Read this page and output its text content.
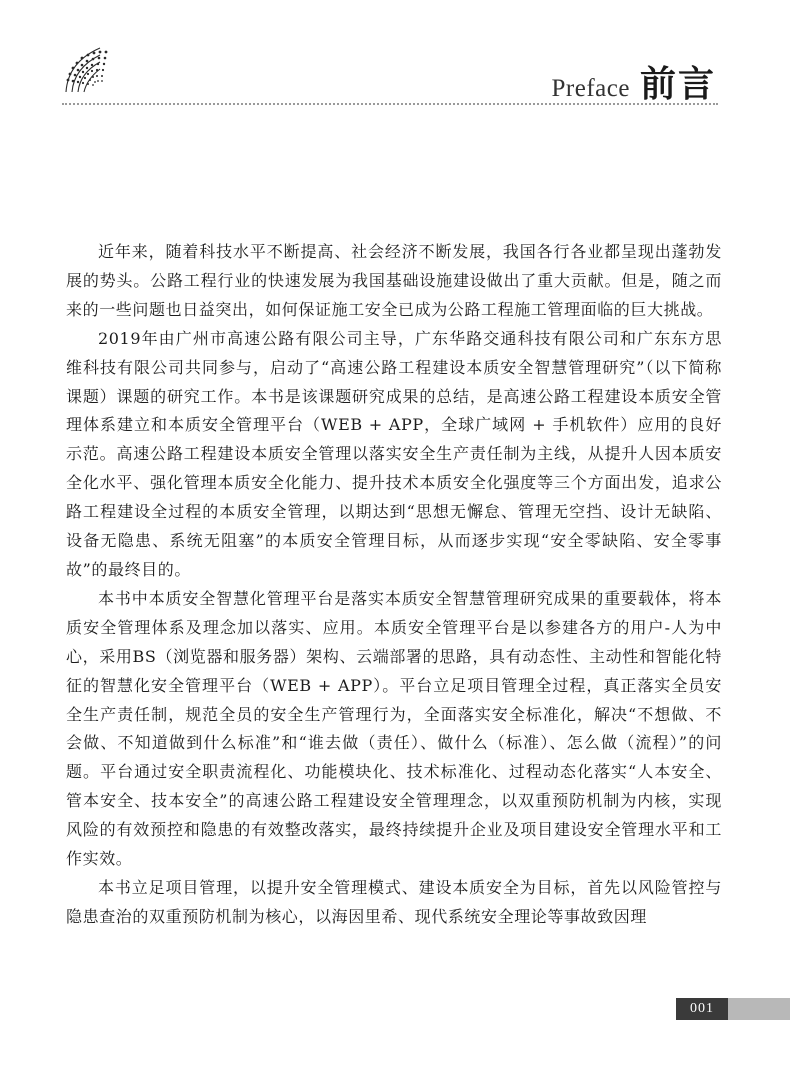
Preface 前言

近年来，随着科技水平不断提高、社会经济不断发展，我国各行各业都呈现出蓬勃发展的势头。公路工程行业的快速发展为我国基础设施建设做出了重大贡献。但是，随之而来的一些问题也日益突出，如何保证施工安全已成为公路工程施工管理面临的巨大挑战。

2019年由广州市高速公路有限公司主导，广东华路交通科技有限公司和广东东方思维科技有限公司共同参与，启动了“高速公路工程建设本质安全智慧管理研究”（以下简称课题）课题的研究工作。本书是该课题研究成果的总结，是高速公路工程建设本质安全管理体系建立和本质安全管理平台（WEB + APP，全球广域网 + 手机软件）应用的良好示范。高速公路工程建设本质安全管理以落实安全生产责任制为主线，从提升人因本质安全化水平、强化管理本质安全化能力、提升技术本质安全化强度等三个方面出发，追求公路工程建设全过程的本质安全管理，以期达到“思想无懈怠、管理无空挡、设计无缺陷、设备无隐患、系统无阻塞”的本质安全管理目标，从而逐步实现“安全零缺陷、安全零事故”的最终目的。

本书中本质安全智慧化管理平台是落实本质安全智慧管理研究成果的重要载体，将本质安全管理体系及理念加以落实、应用。本质安全管理平台是以参建各方的用户-人为中心，采用BS（浏览器和服务器）架构、云端部署的思路，具有动态性、主动性和智能化特征的智慧化安全管理平台（WEB + APP）。平台立足项目管理全过程，真正落实全员安全生产责任制，规范全员的安全生产管理行为，全面落实安全标准化，解决“不想做、不会做、不知道做到什么标准”和“谁去做（责任）、做什么（标准）、怎么做（流程）”的问题。平台通过安全职责流程化、功能模块化、技术标准化、过程动态化落实“人本安全、管本安全、技本安全”的高速公路工程建设安全管理理念，以双重预防机制为内核，实现风险的有效预控和隐患的有效整改落实，最终持续提升企业及项目建设安全管理水平和工作实效。

本书立足项目管理，以提升安全管理模式、建设本质安全为目标，首先以风险管控与隐患查治的双重预防机制为核心，以海因里希、现代系统安全理论等事故致因理

001
